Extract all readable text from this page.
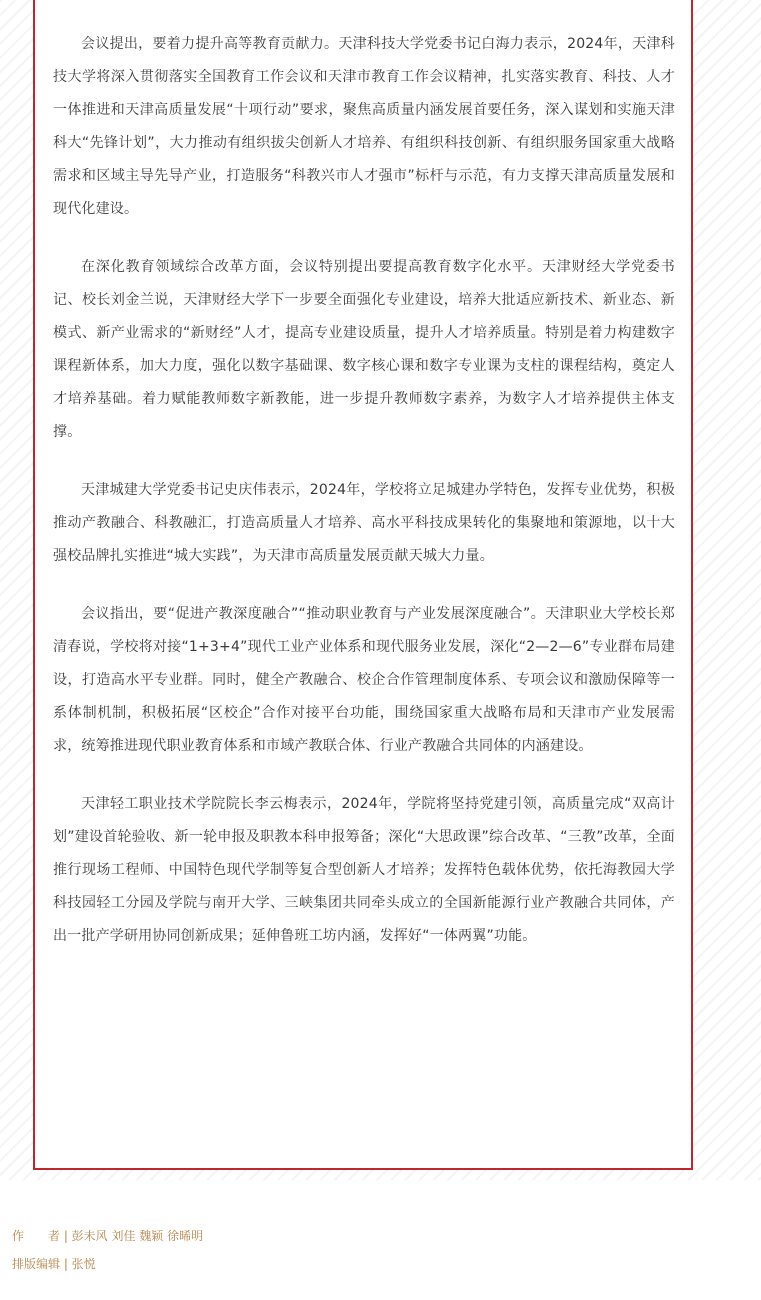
会议提出，要着力提升高等教育贡献力。天津科技大学党委书记白海力表示，2024年，天津科技大学将深入贯彻落实全国教育工作会议和天津市教育工作会议精神，扎实落实教育、科技、人才一体推进和天津高质量发展“十项行动”要求，聚焦高质量内涵发展首要任务，深入谋划和实施天津科大“先锋计划”，大力推动有组织拔尖创新人才培养、有组织科技创新、有组织服务国家重大战略需求和区域主导先导产业，打造服务“科教兴市人才强市”标杆与示范，有力支撑天津高质量发展和现代化建设。

在深化教育领域综合改革方面，会议特别提出要提高教育数字化水平。天津财经大学党委书记、校长刘金兰说，天津财经大学下一步要全面强化专业建设，培养大批适应新技术、新业态、新模式、新产业需求的“新财经”人才，提高专业建设质量，提升人才培养质量。特别是着力构建数字课程新体系，加大力度，强化以数字基础课、数字核心课和数字专业课为支柱的课程结构，奠定人才培养基础。着力赋能教师数字新教能，进一步提升教师数字素养，为数字人才培养提供主体支撑。

天津城建大学党委书记史庆伟表示，2024年，学校将立足城建办学特色，发挥专业优势，积极推动产教融合、科教融汇，打造高质量人才培养、高水平科技成果转化的集聚地和策源地，以十大强校品牌扎实推进“城大实践”，为天津市高质量发展贡献天城大力量。

会议指出，要“促进产教深度融合”“推动职业教育与产业发展深度融合”。天津职业大学校长郑清春说，学校将对接“1+3+4”现代工业产业体系和现代服务业发展，深化“2—2—6”专业群布局建设，打造高水平专业群。同时，健全产教融合、校企合作管理制度体系、专项会议和激励保障等一系体制机制，积极拓展“区校企”合作对接平台功能，围绕国家重大战略布局和天津市产业发展需求，统筹推进现代职业教育体系和市域产教联合体、行业产教融合共同体的内涵建设。

天津轻工职业技术学院院长李云梅表示，2024年，学院将坚持党建引领，高质量完成“双高计划”建设首轮验收、新一轮申报及职教本科申报筹备；深化“大思政课”综合改革、“三教”改革，全面推行现场工程师、中国特色现代学制等复合型创新人才培养；发挥特色载体优势，依托海教园大学科技园轻工分园及学院与南开大学、三峡集团共同牵头成立的全国新能源行业产教融合共同体，产出一批产学研用协同创新成果；延伸鲁班工坊内涵，发挥好“一体两翼”功能。

作　　者 | 彭未风 刘佳 魏颖 徐晞明
排版编辑 | 张悦
